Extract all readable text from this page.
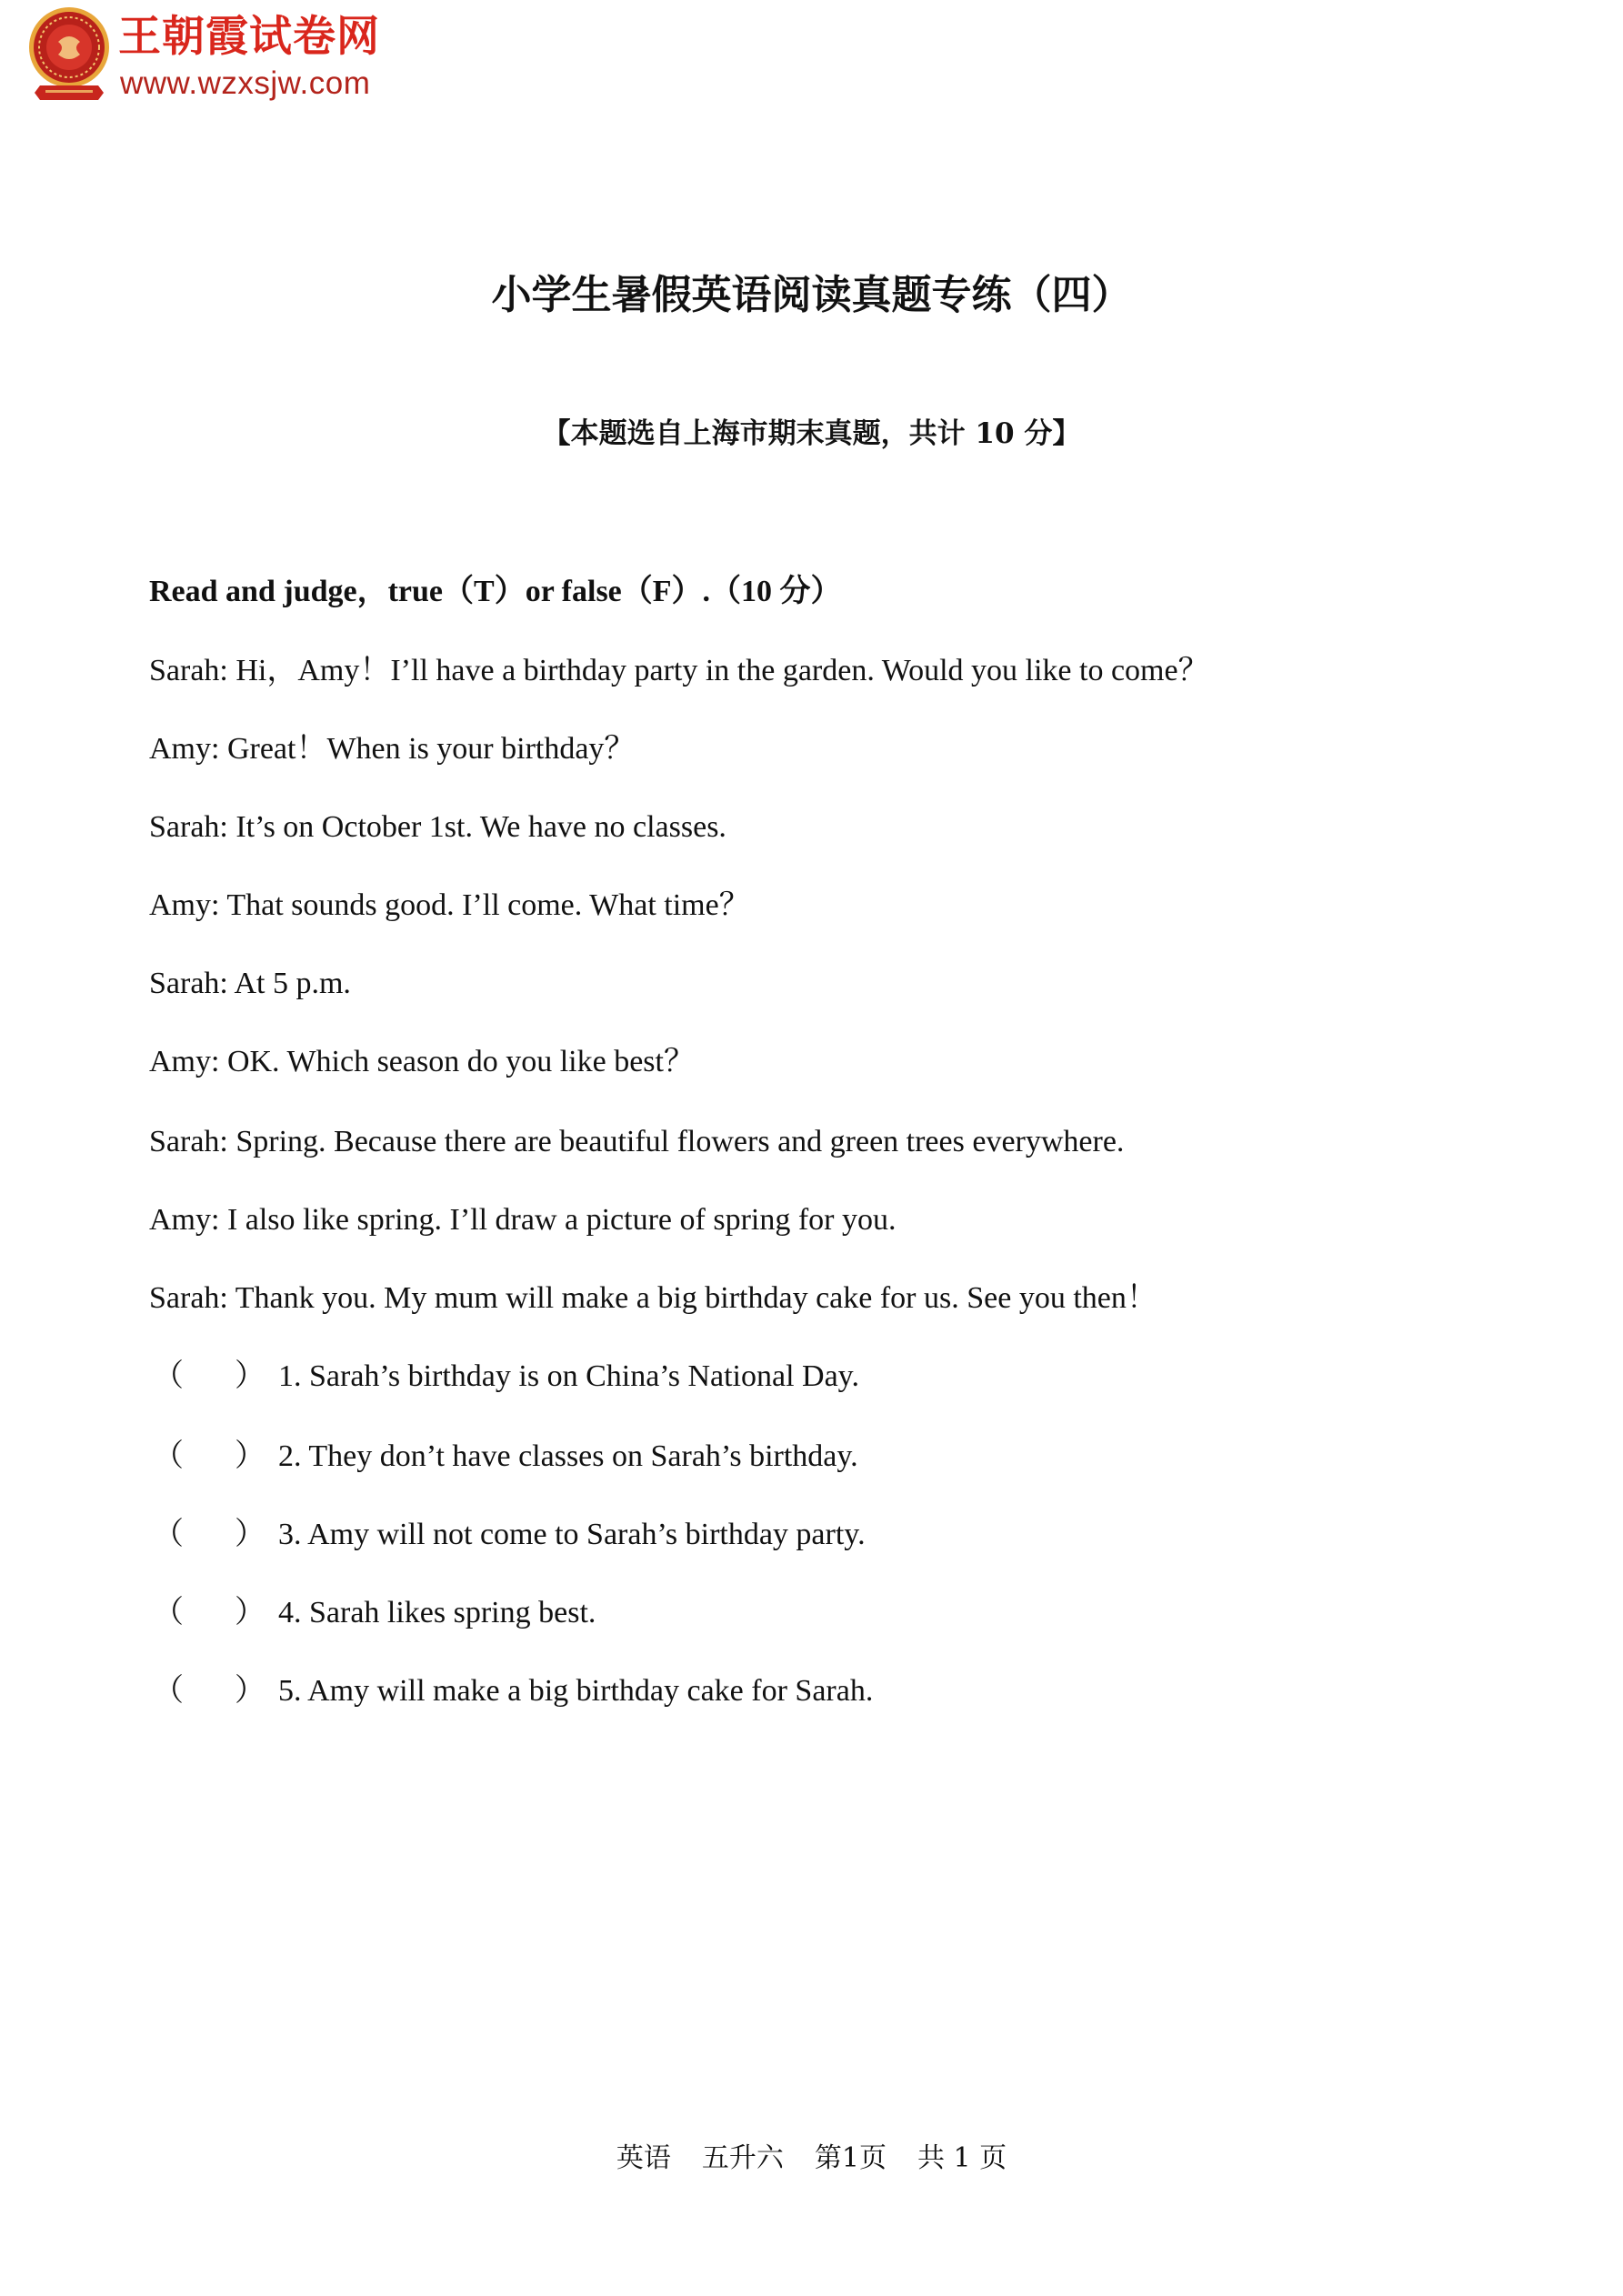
王朝霞试卷网
www.wzxsjw.com
小学生暑假英语阅读真题专练（四）
【本题选自上海市期末真题，共计 10 分】
Read and judge，true（T）or false（F）.（10 分）
Sarah: Hi，Amy！I’ll have a birthday party in the garden. Would you like to come？
Amy: Great！When is your birthday？
Sarah: It’s on October 1st. We have no classes.
Amy: That sounds good. I’ll come. What time？
Sarah: At 5 p.m.
Amy: OK. Which season do you like best？
Sarah: Spring. Because there are beautiful flowers and green trees everywhere.
Amy: I also like spring. I’ll draw a picture of spring for you.
Sarah: Thank you. My mum will make a big birthday cake for us. See you then！
（ ） 1. Sarah’s birthday is on China’s National Day.
（ ） 2. They don’t have classes on Sarah’s birthday.
（ ） 3. Amy will not come to Sarah’s birthday party.
（ ） 4. Sarah likes spring best.
（ ） 5. Amy will make a big birthday cake for Sarah.
英语 五升六 第1页 共 1 页
